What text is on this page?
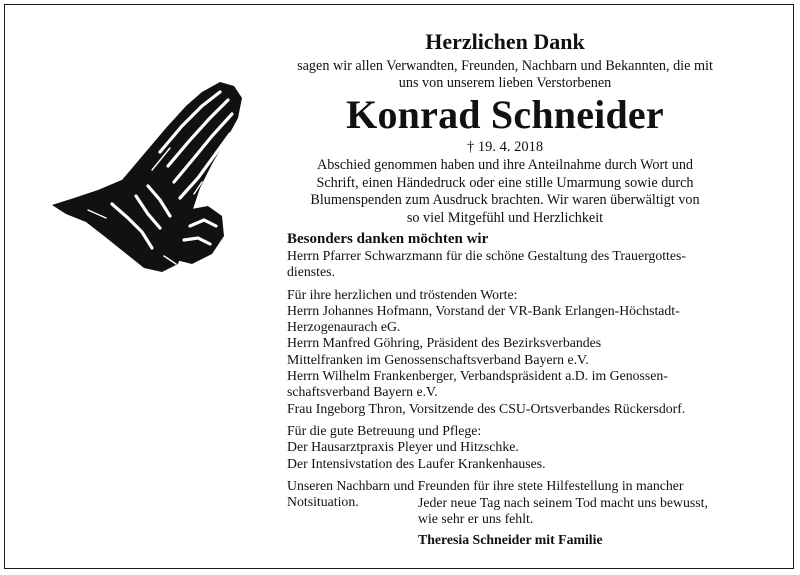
Herzlichen Dank
sagen wir allen Verwandten, Freunden, Nachbarn und Bekannten, die mit
uns von unserem lieben Verstorbenen
Konrad Schneider
† 19. 4. 2018
Abschied genommen haben und ihre Anteilnahme durch Wort und
Schrift, einen Händedruck oder eine stille Umarmung sowie durch
Blumenspenden zum Ausdruck brachten. Wir waren überwältigt von
so viel Mitgefühl und Herzlichkeit
Besonders danken möchten wir
Herrn Pfarrer Schwarzmann für die schöne Gestaltung des Trauergottes-
dienstes.
Für ihre herzlichen und tröstenden Worte:
Herrn Johannes Hofmann, Vorstand der VR-Bank Erlangen-Höchstadt-
Herzogenaurach eG.
Herrn Manfred Göhring, Präsident des Bezirksverbandes
Mittelfranken im Genossenschaftsverband Bayern e.V.
Herrn Wilhelm Frankenberger, Verbandspräsident a.D. im Genossen-
schaftsverband Bayern e.V.
Frau Ingeborg Thron, Vorsitzende des CSU-Ortsverbandes Rückersdorf.
Für die gute Betreuung und Pflege:
Der Hausarztpraxis Pleyer und Hitzschke.
Der Intensivstation des Laufer Krankenhauses.
Unseren Nachbarn und Freunden für ihre stete Hilfestellung in mancher
Notsituation.	Jeder neue Tag nach seinem Tod macht uns bewusst,
wie sehr er uns fehlt.
Theresia Schneider mit Familie
